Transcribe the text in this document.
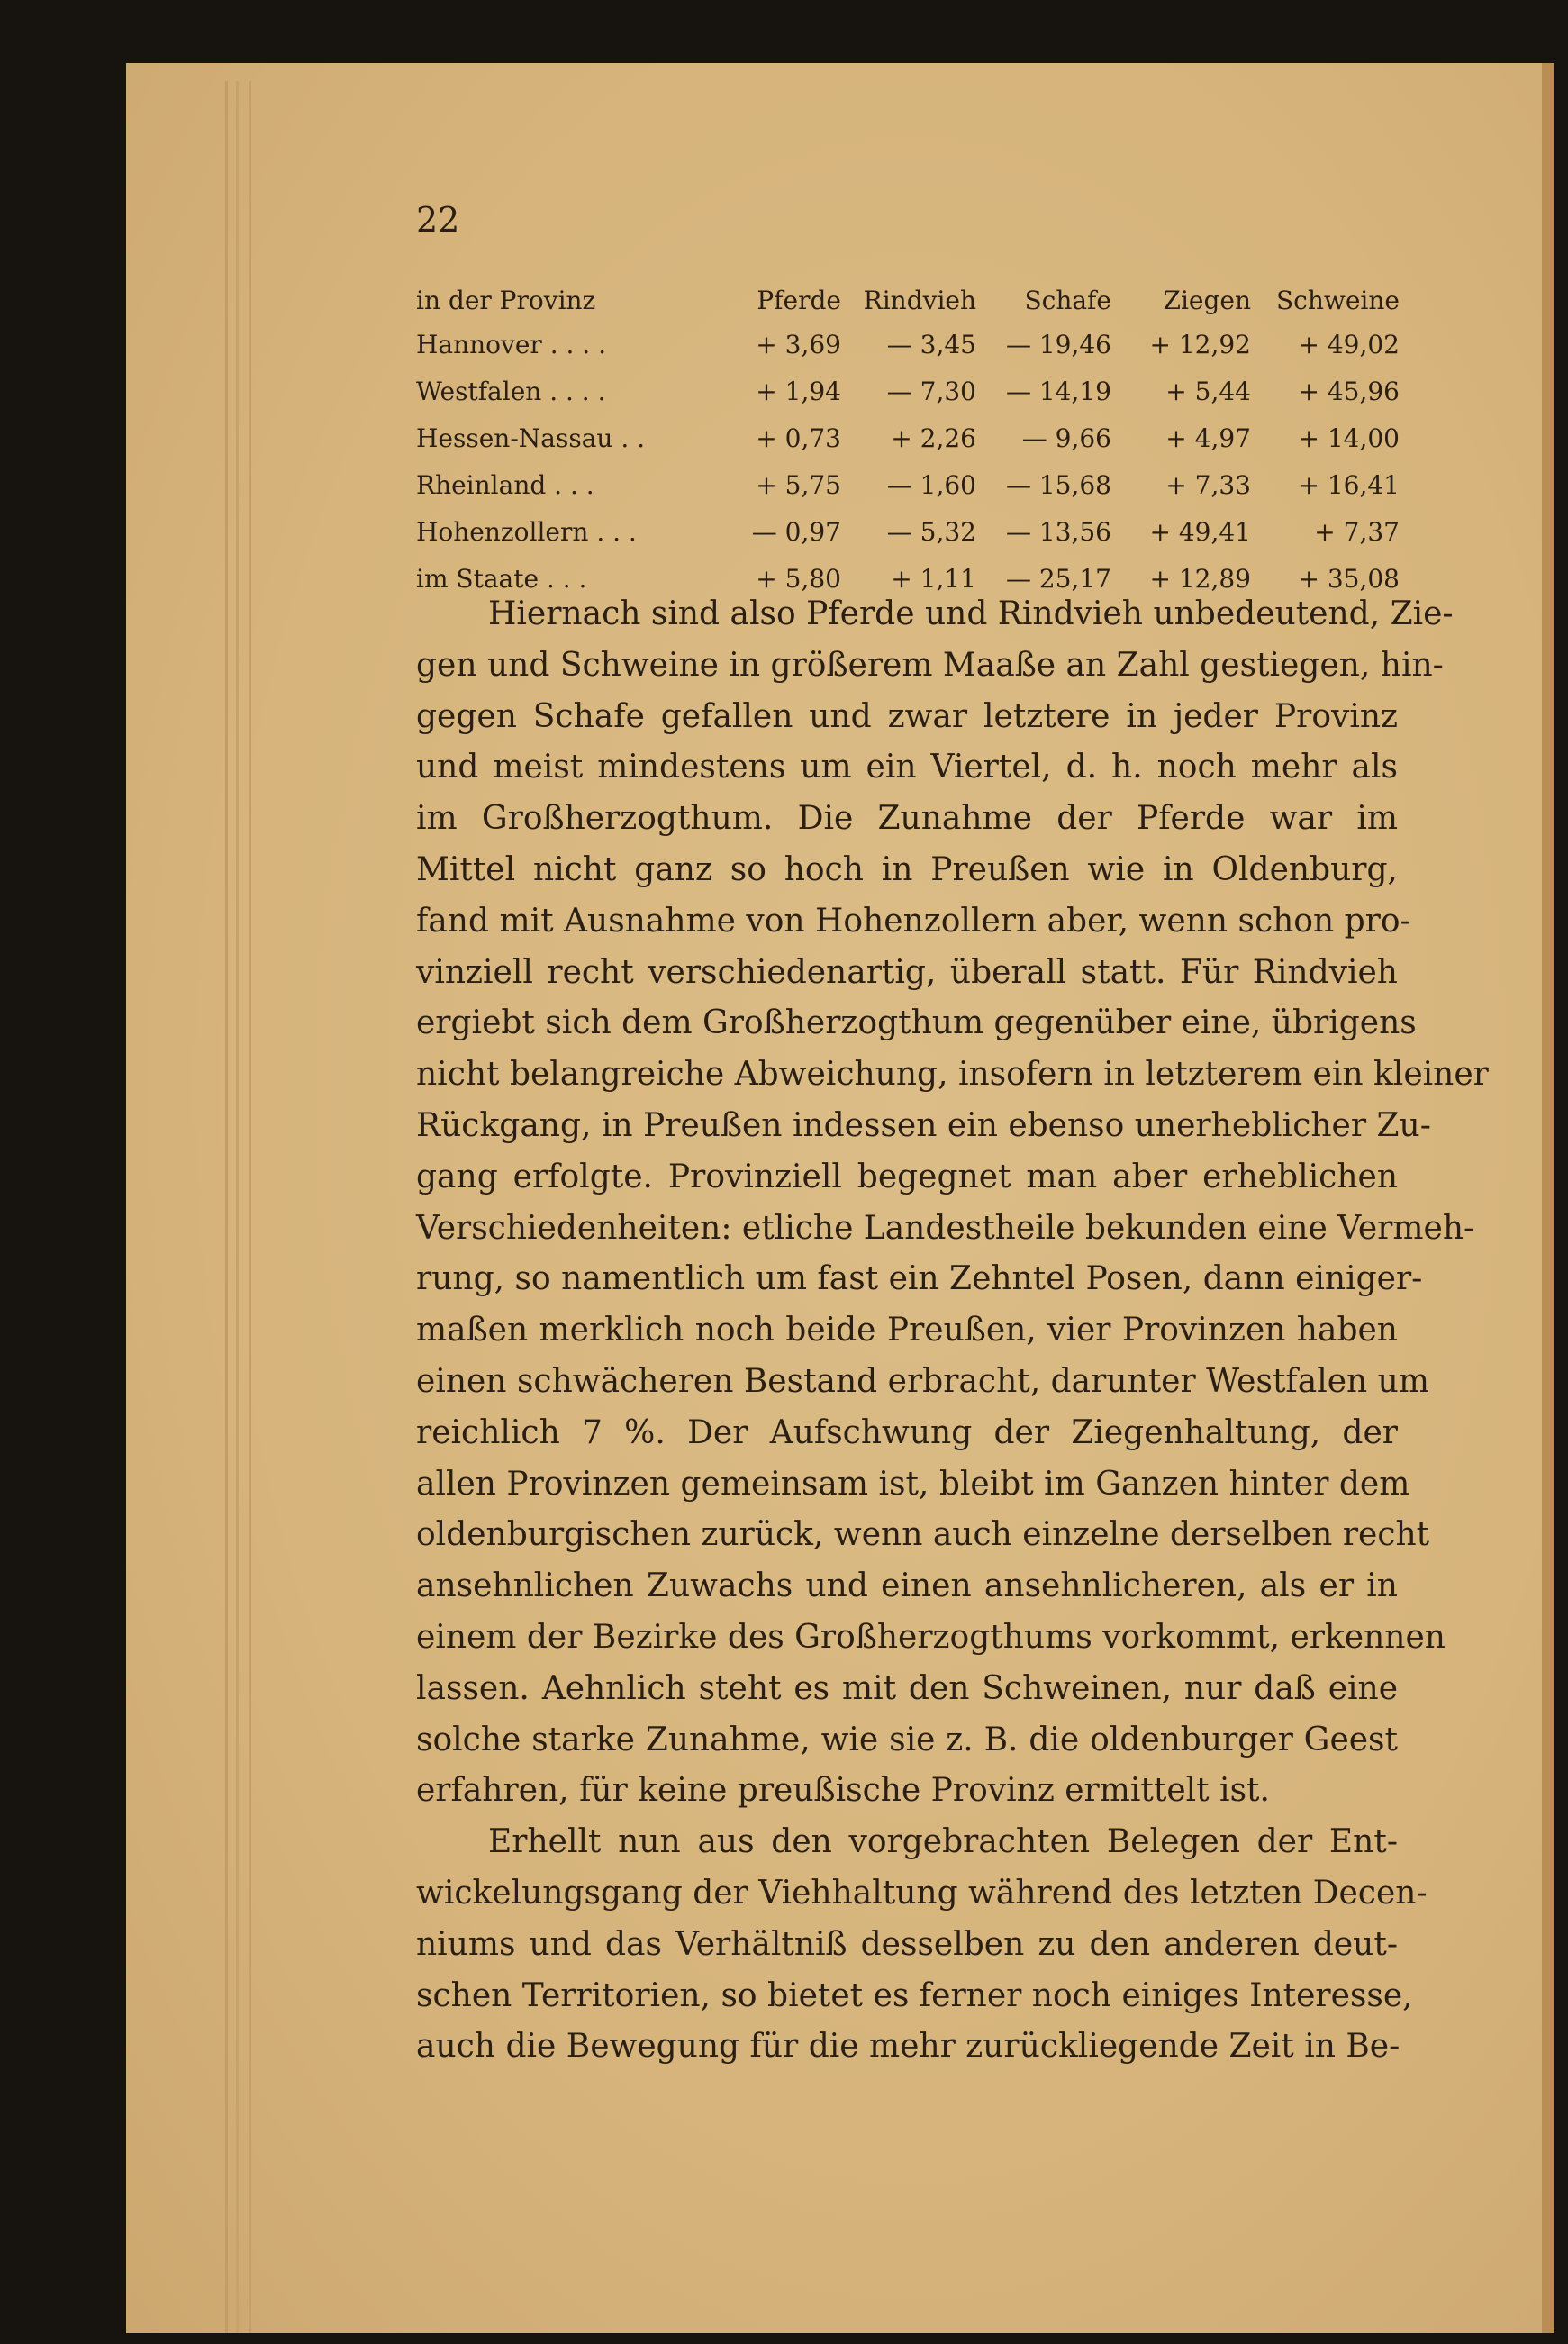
22
in der Provinz	Pferde	Rindvieh	Schafe	Ziegen	Schweine
Hannover . . . .	+ 3,69	— 3,45	— 19,46	+ 12,92	+ 49,02
Westfalen . . . .	+ 1,94	— 7,30	— 14,19	+ 5,44	+ 45,96
Hessen-Nassau . .	+ 0,73	+ 2,26	— 9,66	+ 4,97	+ 14,00
Rheinland . . .	+ 5,75	— 1,60	— 15,68	+ 7,33	+ 16,41
Hohenzollern . . .	— 0,97	— 5,32	— 13,56	+ 49,41	+ 7,37
im Staate . . .	+ 5,80	+ 1,11	— 25,17	+ 12,89	+ 35,08
Hiernach sind also Pferde und Rindvieh unbedeutend, Zie-
gen und Schweine in größerem Maaße an Zahl gestiegen, hin-
gegen Schafe gefallen und zwar letztere in jeder Provinz
und meist mindestens um ein Viertel, d. h. noch mehr als
im Großherzogthum. Die Zunahme der Pferde war im
Mittel nicht ganz so hoch in Preußen wie in Oldenburg,
fand mit Ausnahme von Hohenzollern aber, wenn schon pro-
vinziell recht verschiedenartig, überall statt. Für Rindvieh
ergiebt sich dem Großherzogthum gegenüber eine, übrigens
nicht belangreiche Abweichung, insofern in letzterem ein kleiner
Rückgang, in Preußen indessen ein ebenso unerheblicher Zu-
gang erfolgte. Provinziell begegnet man aber erheblichen
Verschiedenheiten: etliche Landestheile bekunden eine Vermeh-
rung, so namentlich um fast ein Zehntel Posen, dann einiger-
maßen merklich noch beide Preußen, vier Provinzen haben
einen schwächeren Bestand erbracht, darunter Westfalen um
reichlich 7 %. Der Aufschwung der Ziegenhaltung, der
allen Provinzen gemeinsam ist, bleibt im Ganzen hinter dem
oldenburgischen zurück, wenn auch einzelne derselben recht
ansehnlichen Zuwachs und einen ansehnlicheren, als er in
einem der Bezirke des Großherzogthums vorkommt, erkennen
lassen. Aehnlich steht es mit den Schweinen, nur daß eine
solche starke Zunahme, wie sie z. B. die oldenburger Geest
erfahren, für keine preußische Provinz ermittelt ist.
Erhellt nun aus den vorgebrachten Belegen der Ent-
wickelungsgang der Viehhaltung während des letzten Decen-
niums und das Verhältniß desselben zu den anderen deut-
schen Territorien, so bietet es ferner noch einiges Interesse,
auch die Bewegung für die mehr zurückliegende Zeit in Be-
